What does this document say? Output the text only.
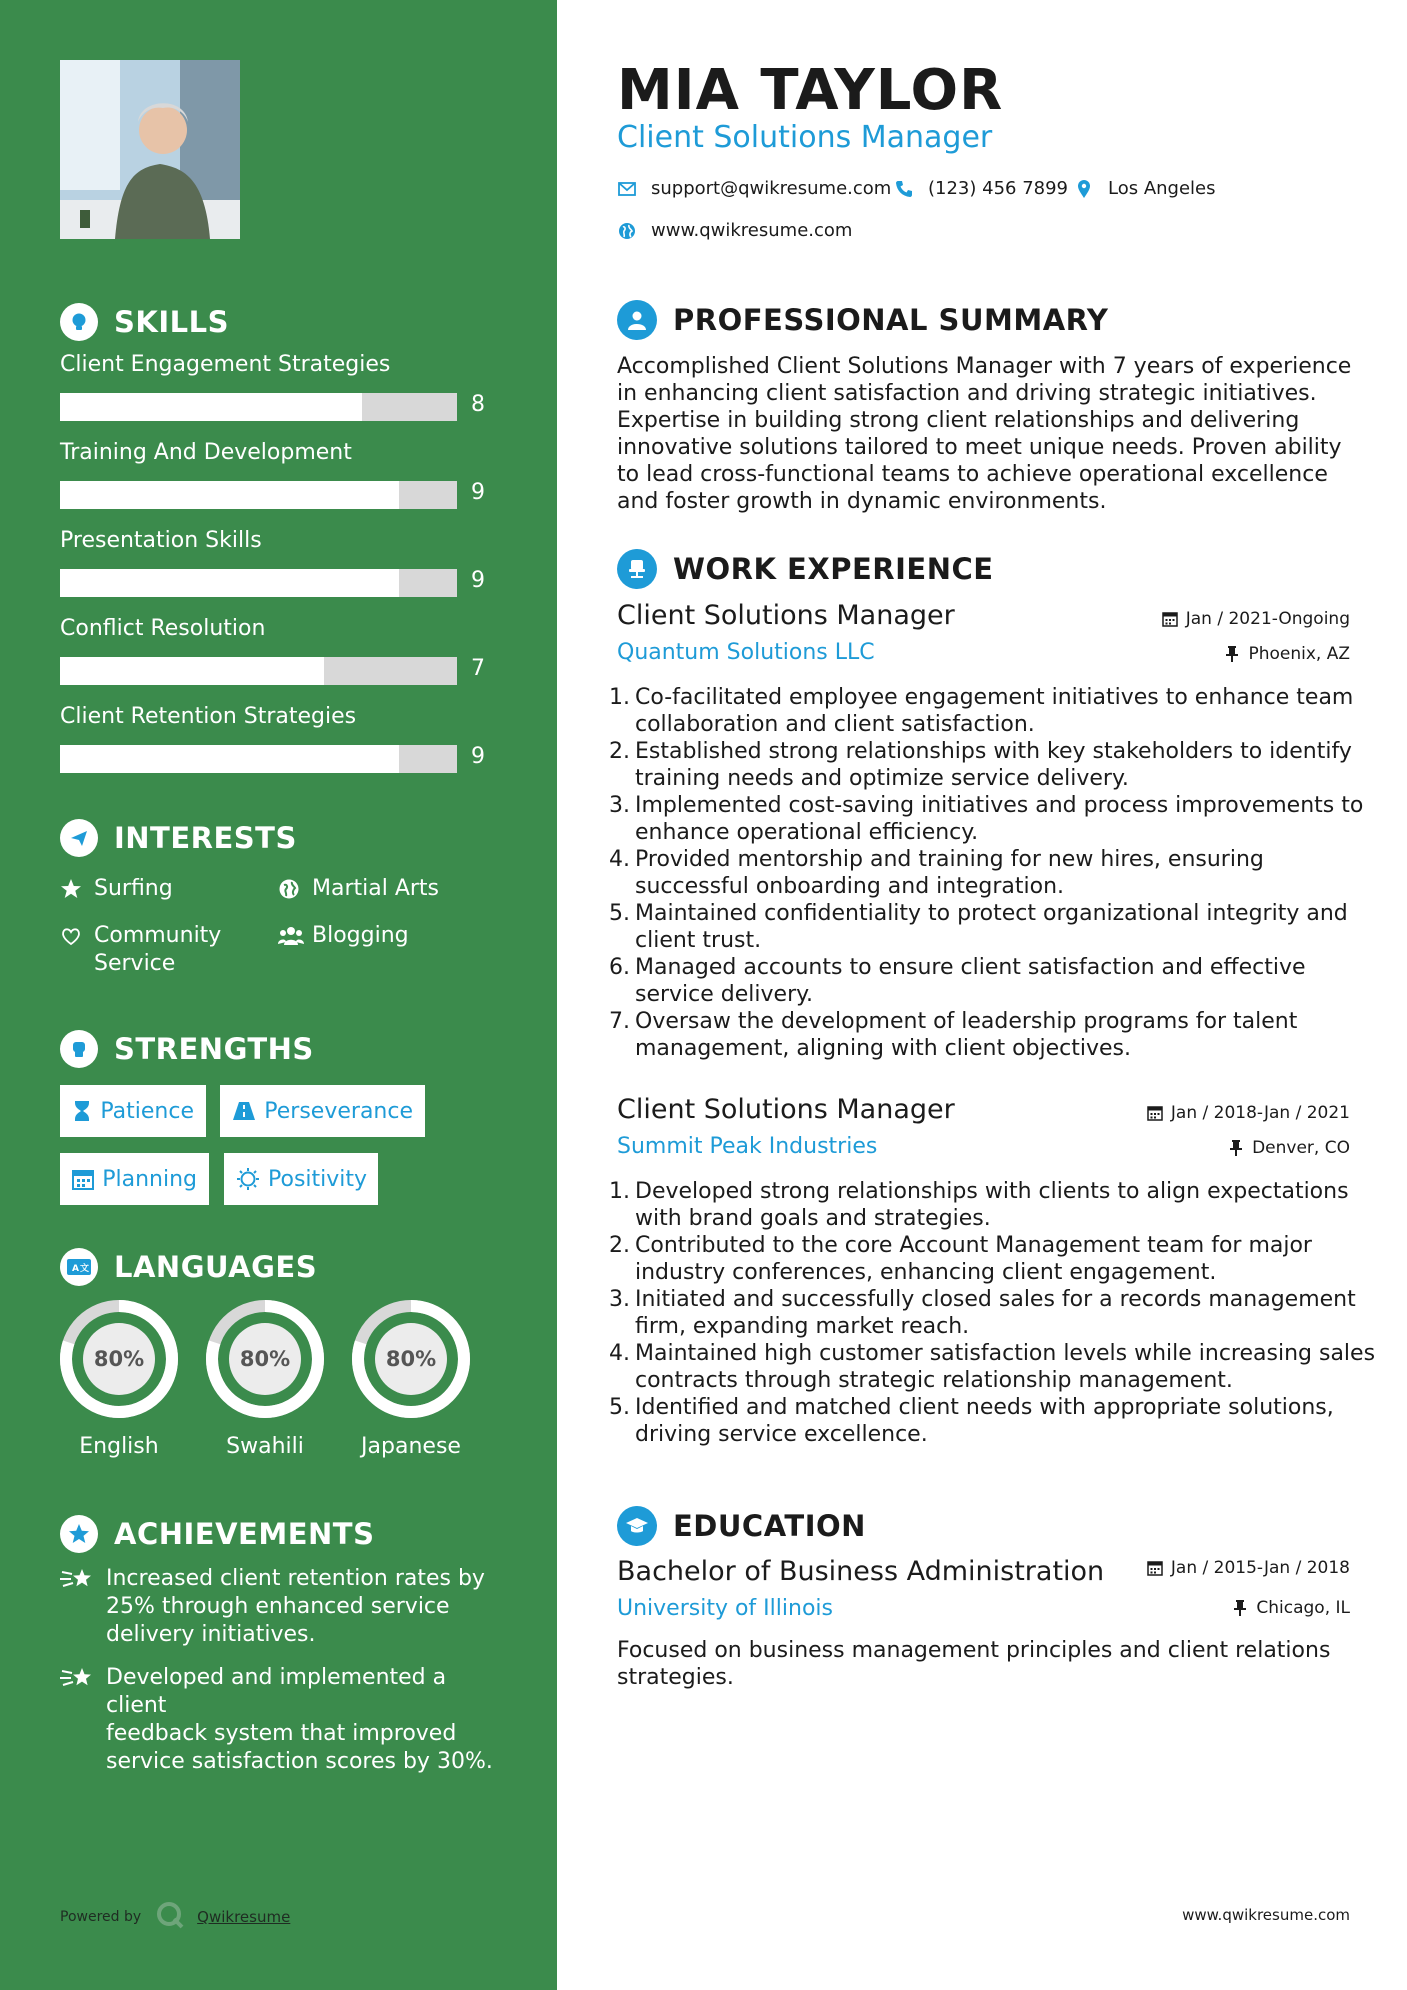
SKILLS
Client Engagement Strategies
8
Training And Development
9
Presentation Skills
9
Conflict Resolution
7
Client Retention Strategies
9
INTERESTS
Surfing	Martial Arts
Community
Service
Blogging
STRENGTHS
Patience	Perseverance
Planning	Positivity
A 文 LANGUAGES
80%
English
80%
Swahili
80%
Japanese
ACHIEVEMENTS
Increased client retention rates by
25% through enhanced service
delivery initiatives.
Developed and implemented a client
feedback system that improved
service satisfaction scores by 30%.
Powered by	Qwikresume
MIA TAYLOR
Client Solutions Manager
support@qwikresume.com (123) 456 7899 Los Angeles
www.qwikresume.com
PROFESSIONAL SUMMARY

Accomplished Client Solutions Manager with 7 years of experience in enhancing client satisfaction and driving strategic initiatives. Expertise in building strong client relationships and delivering innovative solutions tailored to meet unique needs. Proven ability to lead cross-functional teams to achieve operational excellence and foster growth in dynamic environments.

WORK EXPERIENCE
Client Solutions Manager
Quantum Solutions LLC
Jan / 2021-Ongoing
Phoenix, AZ
1. Co-facilitated employee engagement initiatives to enhance team collaboration and client satisfaction.
2. Established strong relationships with key stakeholders to identify training needs and optimize service delivery.
3. Implemented cost-saving initiatives and process improvements to enhance operational efficiency.
4. Provided mentorship and training for new hires, ensuring successful onboarding and integration.
5. Maintained confidentiality to protect organizational integrity and client trust.
6. Managed accounts to ensure client satisfaction and effective service delivery.
7. Oversaw the development of leadership programs for talent management, aligning with client objectives.
Client Solutions Manager
Summit Peak Industries
Jan / 2018-Jan / 2021
Denver, CO
1. Developed strong relationships with clients to align expectations with brand goals and strategies.
2. Contributed to the core Account Management team for major industry conferences, enhancing client engagement.
3. Initiated and successfully closed sales for a records management firm, expanding market reach.
4. Maintained high customer satisfaction levels while increasing sales contracts through strategic relationship management.
5. Identified and matched client needs with appropriate solutions, driving service excellence.
EDUCATION
Bachelor of Business Administration
University of Illinois
Jan / 2015-Jan / 2018
Chicago, IL

Focused on business management principles and client relations strategies.

www.qwikresume.com
